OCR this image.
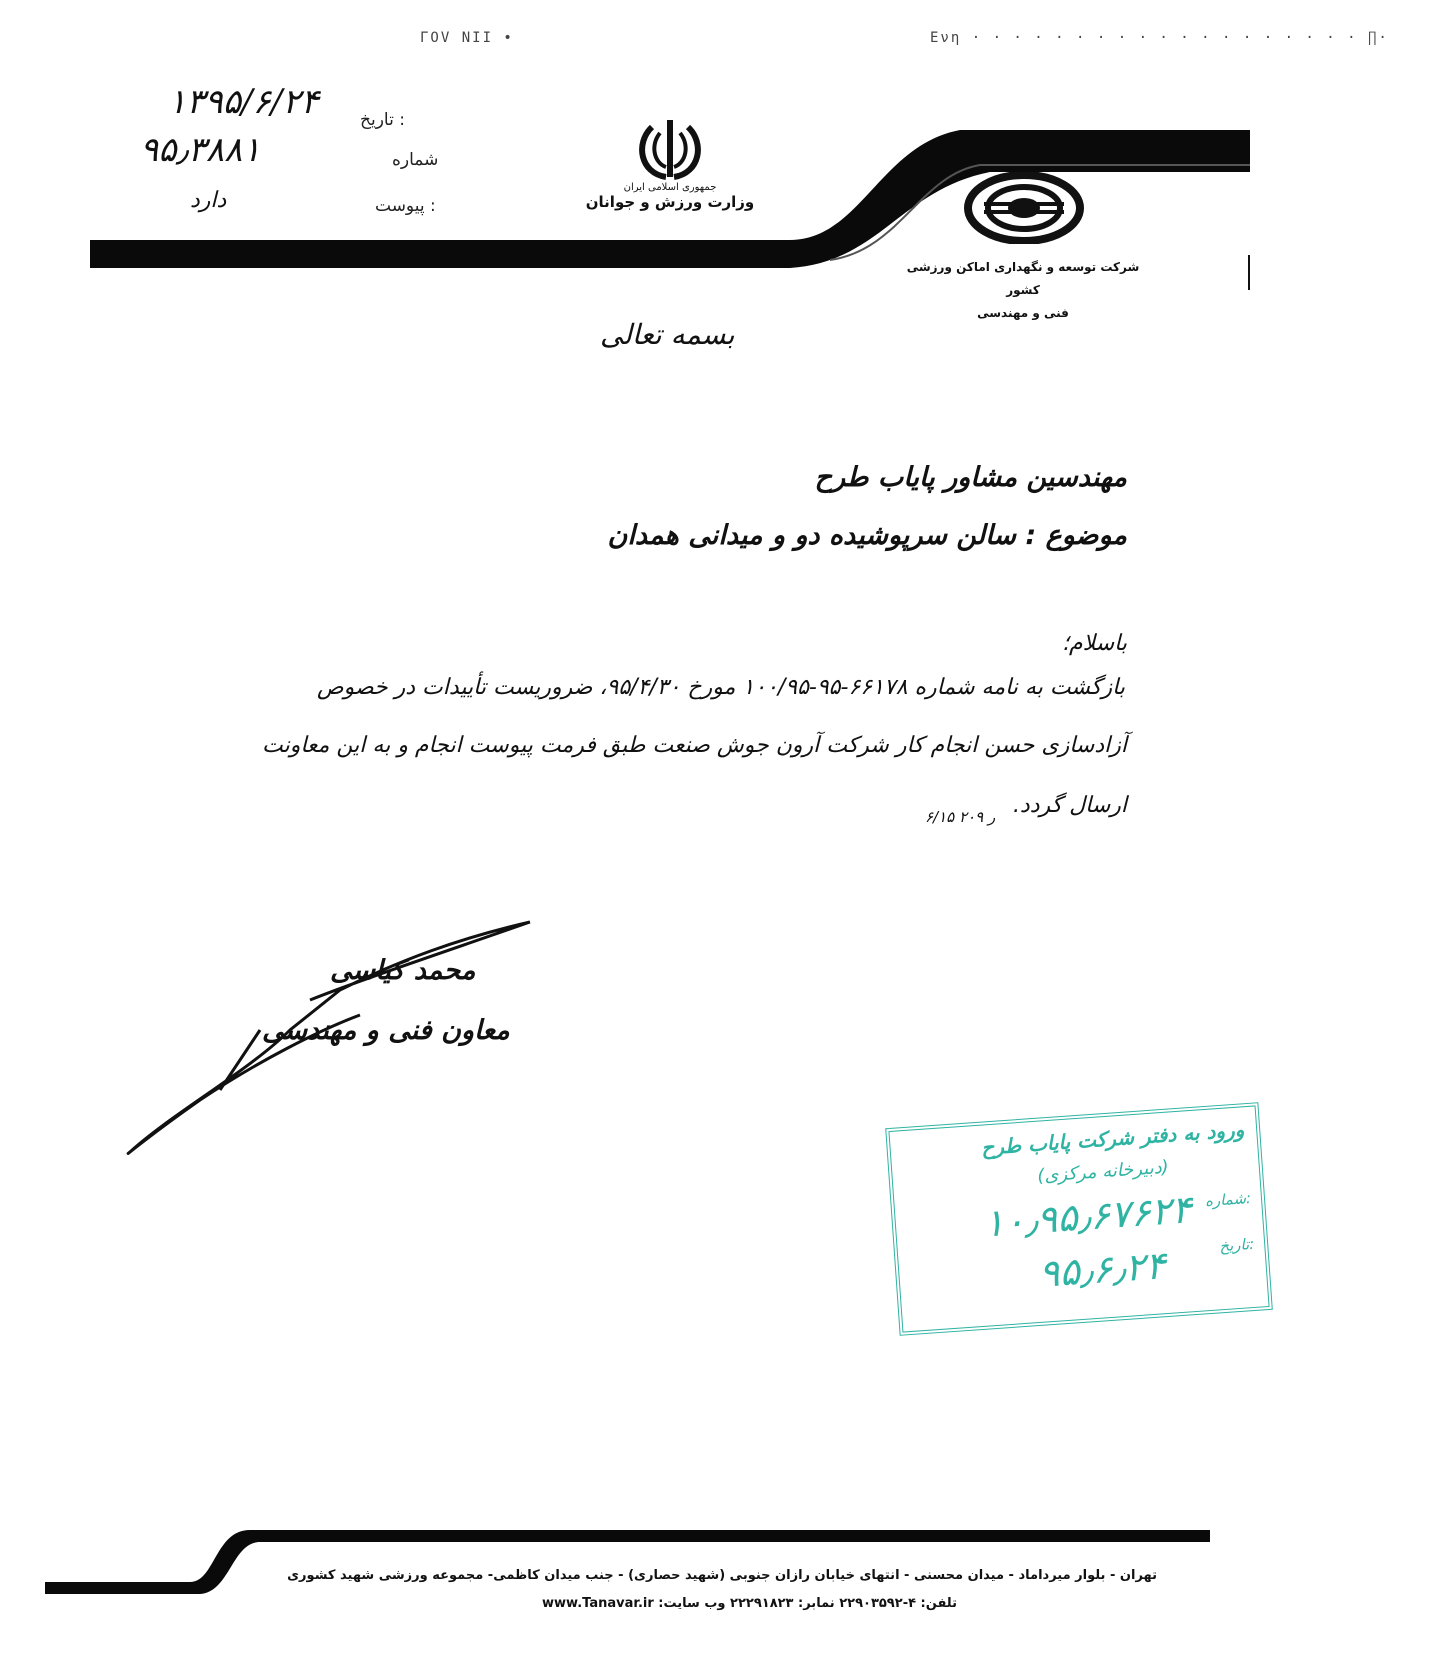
ΓΟV ΝΙΙ •	Ενη · · · · · · · · · · · · · · · · · · · ∏·
تاریخ :
۱۳۹۵/۶/۲۴
شماره
۹۵٫۳۸۸۱
پیوست :
دارد
جمهوری اسلامی ایران
وزارت ورزش و جوانان
شرکت توسعه و نگهداری اماکن ورزشی کشور
فنی و مهندسی
بسمه تعالی
مهندسین مشاور پایاب طرح
موضوع : سالن سرپوشیده دو و میدانی همدان
باسلام؛
بازگشت به نامه شماره ۶۶۱۷۸-۹۵-۱۰۰/۹۵ مورخ ۹۵/۴/۳۰، ضروریست تأییدات در خصوص
آزادسازی حسن انجام کار شرکت آرون جوش صنعت طبق فرمت پیوست انجام و به این معاونت
ارسال گردد.
۶/۱۵ ۲۰۹ ر
محمد کیاسی
معاون فنی و مهندسی
ورود به دفتر شرکت پایاب طرح
(دبیرخانه مرکزی)
شماره:
۱۰٫۹۵٫۶۷۶۲۴ تاریخ:
۹۵٫۶٫۲۴
تهران - بلوار میرداماد - میدان محسنی - انتهای خیابان رازان جنوبی (شهید حصاری) - جنب میدان کاظمی- مجموعه ورزشی شهید کشوری
تلفن: ۴-۲۲۹۰۳۵۹۲ نمابر: ۲۲۲۹۱۸۲۳ وب سایت: www.Tanavar.ir
